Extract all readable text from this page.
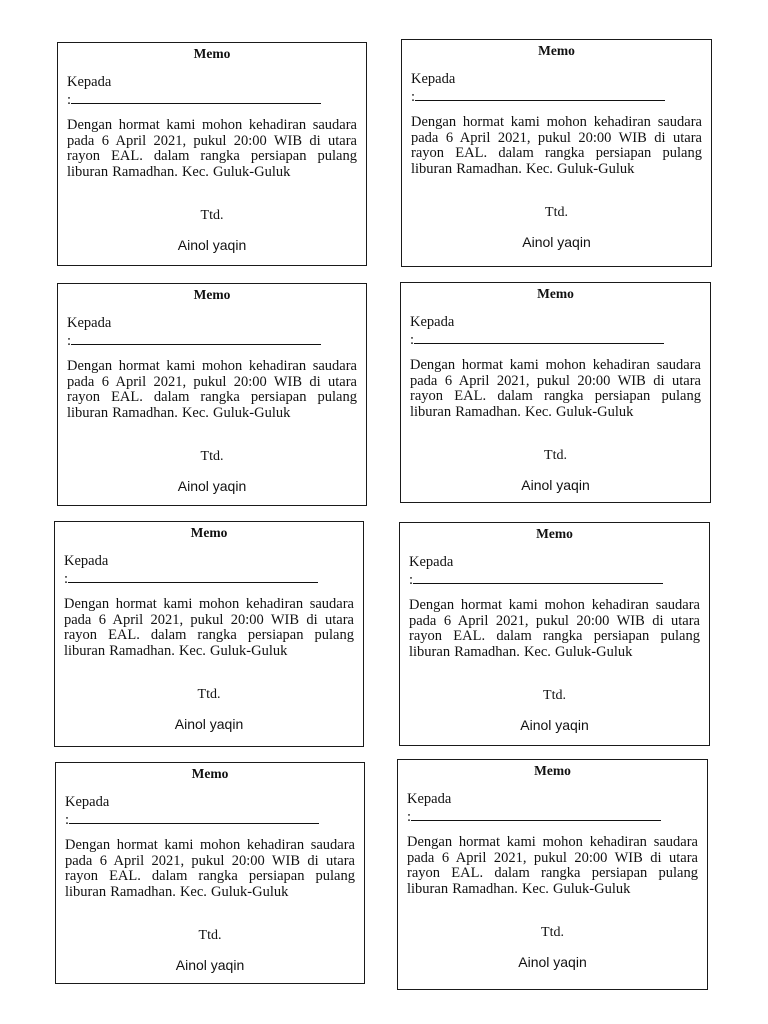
Memo
Kepada
:
Dengan hormat kami mohon kehadiran saudara pada 6 April 2021, pukul 20:00 WIB di utara rayon EAL. dalam rangka persiapan pulang liburan Ramadhan. Kec. Guluk-Guluk
Ttd.
Ainol yaqin
Memo
Kepada
:
Dengan hormat kami mohon kehadiran saudara pada 6 April 2021, pukul 20:00 WIB di utara rayon EAL. dalam rangka persiapan pulang liburan Ramadhan. Kec. Guluk-Guluk
Ttd.
Ainol yaqin
Memo
Kepada
:
Dengan hormat kami mohon kehadiran saudara pada 6 April 2021, pukul 20:00 WIB di utara rayon EAL. dalam rangka persiapan pulang liburan Ramadhan. Kec. Guluk-Guluk
Ttd.
Ainol yaqin
Memo
Kepada
:
Dengan hormat kami mohon kehadiran saudara pada 6 April 2021, pukul 20:00 WIB di utara rayon EAL. dalam rangka persiapan pulang liburan Ramadhan. Kec. Guluk-Guluk
Ttd.
Ainol yaqin
Memo
Kepada
:
Dengan hormat kami mohon kehadiran saudara pada 6 April 2021, pukul 20:00 WIB di utara rayon EAL. dalam rangka persiapan pulang liburan Ramadhan. Kec. Guluk-Guluk
Ttd.
Ainol yaqin
Memo
Kepada
:
Dengan hormat kami mohon kehadiran saudara pada 6 April 2021, pukul 20:00 WIB di utara rayon EAL. dalam rangka persiapan pulang liburan Ramadhan. Kec. Guluk-Guluk
Ttd.
Ainol yaqin
Memo
Kepada
:
Dengan hormat kami mohon kehadiran saudara pada 6 April 2021, pukul 20:00 WIB di utara rayon EAL. dalam rangka persiapan pulang liburan Ramadhan. Kec. Guluk-Guluk
Ttd.
Ainol yaqin
Memo
Kepada
:
Dengan hormat kami mohon kehadiran saudara pada 6 April 2021, pukul 20:00 WIB di utara rayon EAL. dalam rangka persiapan pulang liburan Ramadhan. Kec. Guluk-Guluk
Ttd.
Ainol yaqin
